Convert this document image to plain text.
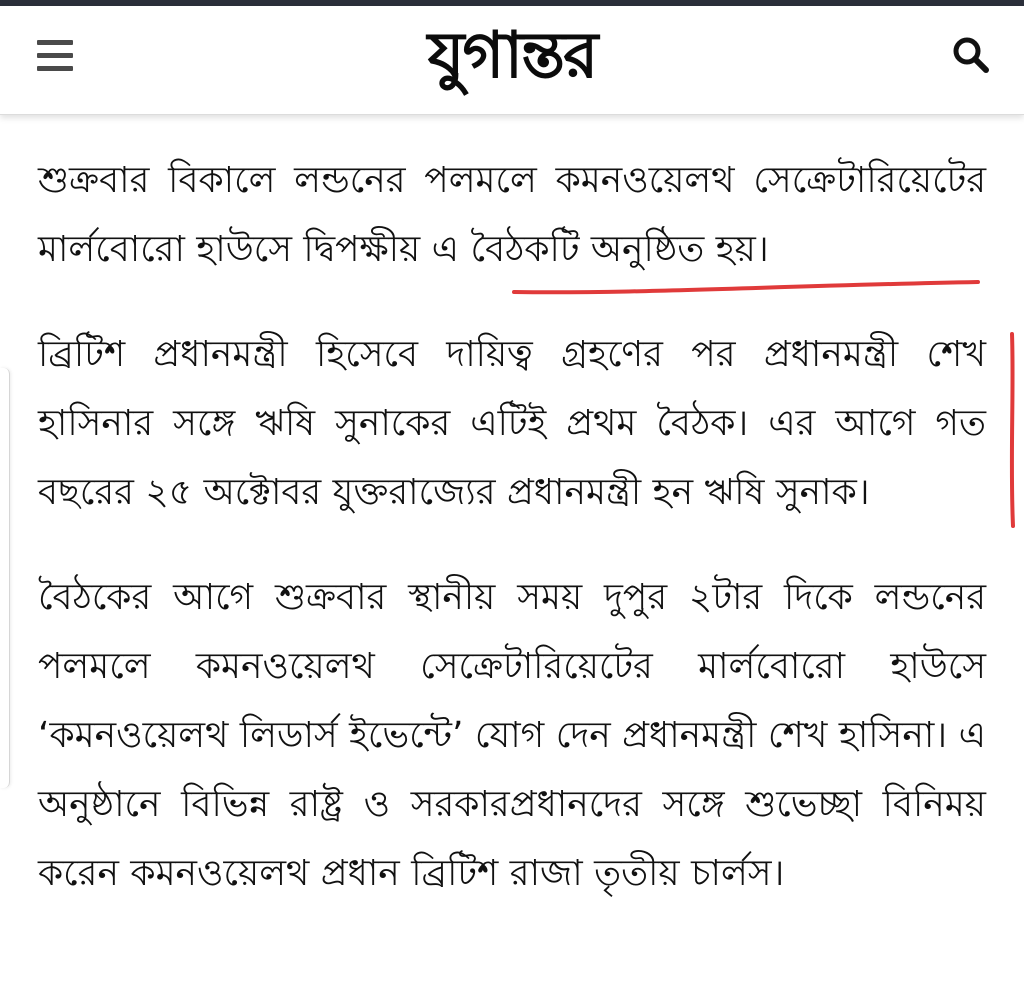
যুগান্তর

শুক্রবার বিকালে লন্ডনের পলমলে কমনওয়েলথ সেক্রেটারিয়েটের মার্লবোরো হাউসে দ্বিপক্ষীয় এ বৈঠকটি অনুষ্ঠিত হয়।

ব্রিটিশ প্রধানমন্ত্রী হিসেবে দায়িত্ব গ্রহণের পর প্রধানমন্ত্রী শেখ হাসিনার সঙ্গে ঋষি সুনাকের এটিই প্রথম বৈঠক। এর আগে গত বছরের ২৫ অক্টোবর যুক্তরাজ্যের প্রধানমন্ত্রী হন ঋষি সুনাক।

বৈঠকের আগে শুক্রবার স্থানীয় সময় দুপুর ২টার দিকে লন্ডনের পলমলে কমনওয়েলথ সেক্রেটারিয়েটের মার্লবোরো হাউসে ‘কমনওয়েলথ লিডার্স ইভেন্টে’ যোগ দেন প্রধানমন্ত্রী শেখ হাসিনা। এ অনুষ্ঠানে বিভিন্ন রাষ্ট্র ও সরকারপ্রধানদের সঙ্গে শুভেচ্ছা বিনিময় করেন কমনওয়েলথ প্রধান ব্রিটিশ রাজা তৃতীয় চার্লস।
